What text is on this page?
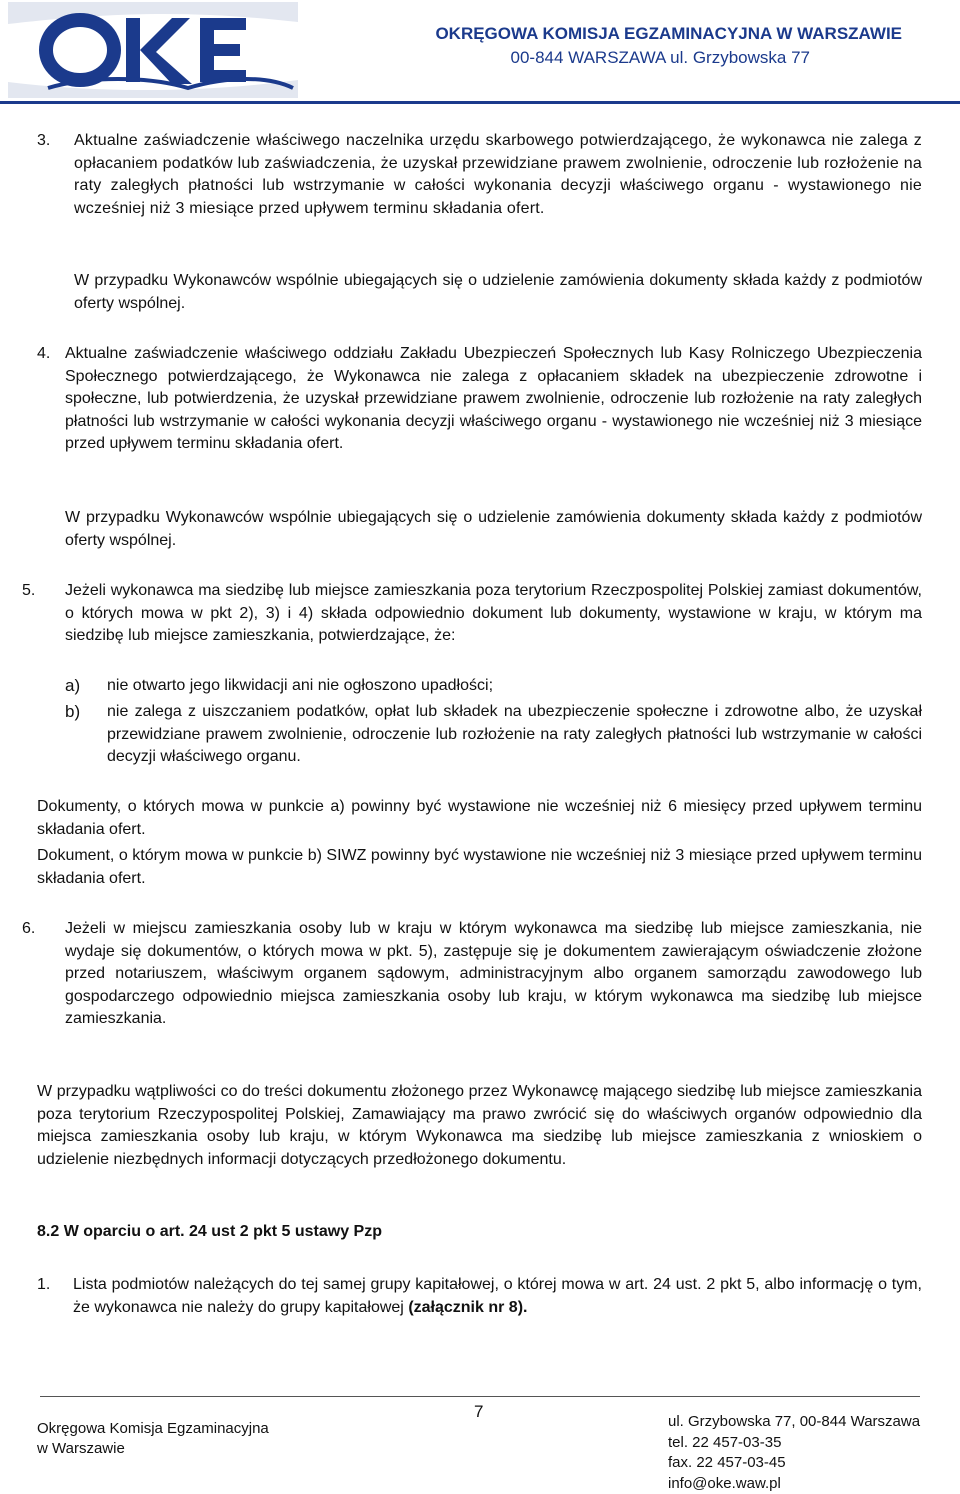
OKRĘGOWA KOMISJA EGZAMINACYJNA W WARSZAWIE
00-844 WARSZAWA ul. Grzybowska 77
3. Aktualne zaświadczenie właściwego naczelnika urzędu skarbowego potwierdzającego, że wykonawca nie zalega z opłacaniem podatków lub zaświadczenia, że uzyskał przewidziane prawem zwolnienie, odroczenie lub rozłożenie na raty zaległych płatności lub wstrzymanie w całości wykonania decyzji właściwego organu - wystawionego nie wcześniej niż 3 miesiące przed upływem terminu składania ofert.

W przypadku Wykonawców wspólnie ubiegających się o udzielenie zamówienia dokumenty składa każdy z podmiotów oferty wspólnej.

4. Aktualne zaświadczenie właściwego oddziału Zakładu Ubezpieczeń Społecznych lub Kasy Rolniczego Ubezpieczenia Społecznego potwierdzającego, że Wykonawca nie zalega z opłacaniem składek na ubezpieczenie zdrowotne i społeczne, lub potwierdzenia, że uzyskał przewidziane prawem zwolnienie, odroczenie lub rozłożenie na raty zaległych płatności lub wstrzymanie w całości wykonania decyzji właściwego organu - wystawionego nie wcześniej niż 3 miesiące przed upływem terminu składania ofert.

W przypadku Wykonawców wspólnie ubiegających się o udzielenie zamówienia dokumenty składa każdy z podmiotów oferty wspólnej.

5. Jeżeli wykonawca ma siedzibę lub miejsce zamieszkania poza terytorium Rzeczpospolitej Polskiej zamiast dokumentów, o których mowa w pkt 2), 3) i 4) składa odpowiednio dokument lub dokumenty, wystawione w kraju, w którym ma siedzibę lub miejsce zamieszkania, potwierdzające, że:

a) nie otwarto jego likwidacji ani nie ogłoszono upadłości;

b) nie zalega z uiszczaniem podatków, opłat lub składek na ubezpieczenie społeczne i zdrowotne albo, że uzyskał przewidziane prawem zwolnienie, odroczenie lub rozłożenie na raty zaległych płatności lub wstrzymanie w całości decyzji właściwego organu.

Dokumenty, o których mowa w punkcie a) powinny być wystawione nie wcześniej niż 6 miesięcy przed upływem terminu składania ofert.

Dokument, o którym mowa w punkcie b) SIWZ powinny być wystawione nie wcześniej niż 3 miesiące przed upływem terminu składania ofert.

6. Jeżeli w miejscu zamieszkania osoby lub w kraju w którym wykonawca ma siedzibę lub miejsce zamieszkania, nie wydaje się dokumentów, o których mowa w pkt. 5), zastępuje się je dokumentem zawierającym oświadczenie złożone przed notariuszem, właściwym organem sądowym, administracyjnym albo organem samorządu zawodowego lub gospodarczego odpowiednio miejsca zamieszkania osoby lub kraju, w którym wykonawca ma siedzibę lub miejsce zamieszkania.

W przypadku wątpliwości co do treści dokumentu złożonego przez Wykonawcę mającego siedzibę lub miejsce zamieszkania poza terytorium Rzeczypospolitej Polskiej, Zamawiający ma prawo zwrócić się do właściwych organów odpowiednio dla miejsca zamieszkania osoby lub kraju, w którym Wykonawca ma siedzibę lub miejsce zamieszkania z wnioskiem o udzielenie niezbędnych informacji dotyczących przedłożonego dokumentu.

8.2 W oparciu o art. 24 ust 2 pkt 5 ustawy Pzp
1. Lista podmiotów należących do tej samej grupy kapitałowej, o której mowa w art. 24 ust. 2 pkt 5, albo informację o tym, że wykonawca nie należy do grupy kapitałowej (załącznik nr 8).

Okręgowa Komisja Egzaminacyjna
w Warszawie
7
ul. Grzybowska 77, 00-844 Warszawa
tel. 22 457-03-35
fax. 22 457-03-45
info@oke.waw.pl
